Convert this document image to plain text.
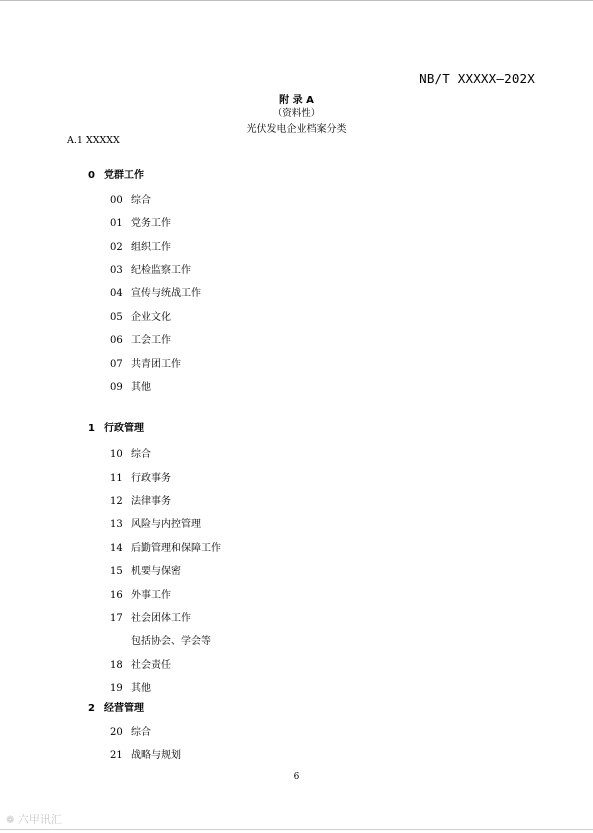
NB/T XXXXX—202X
附 录 A
（资料性）
光伏发电企业档案分类
A.1 XXXXX
0 党群工作
00 综合
01 党务工作
02 组织工作
03 纪检监察工作
04 宣传与统战工作
05 企业文化
06 工会工作
07 共青团工作
09 其他
1 行政管理
10 综合
11 行政事务
12 法律事务
13 风险与内控管理
14 后勤管理和保障工作
15 机要与保密
16 外事工作
17 社会团体工作
包括协会、学会等
18 社会责任
19 其他
2 经营管理
20 综合
21 战略与规划
6
❁ 六甲讯汇
